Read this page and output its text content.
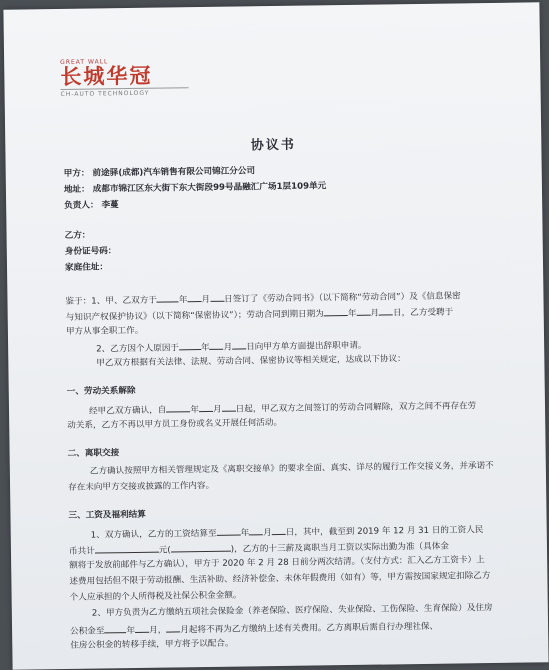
GREAT WALL
长城华冠
CH-AUTO TECHNOLOGY
协议书
甲方： 前途驿(成都)汽车销售有限公司锦江分公司
地址： 成都市锦江区东大街下东大街段99号晶融汇广场1层109单元
负责人： 李蔓
乙方：
身份证号码：
家庭住址：
鉴于：1、甲、乙双方于	年 月 日签订了《劳动合同书》（以下简称“劳动合同”）及《信息保密
与知识产权保护协议》（以下简称“保密协议”）；劳动合同到期日期为	年 月 日，乙方受聘于
甲方从事全职工作。
2、乙方因个人原因于	年 月 日向甲方单方面提出辞职申请。
甲乙双方根据有关法律、法规、劳动合同、保密协议等相关规定，达成以下协议：
一、劳动关系解除
经甲乙双方确认，自	年 月 日起，甲乙双方之间签订的劳动合同解除，双方之间不再存在劳
动关系，乙方不再以甲方员工身份或名义开展任何活动。
二、离职交接
乙方确认按照甲方相关管理规定及《离职交接单》的要求全面、真实、详尽的履行工作交接义务，并承诺不
存在未向甲方交接或披露的工作内容。
三、工资及福利结算
1、双方确认，乙方的工资结算至	年 月 日，其中，截至到 2019 年 12 月 31 日的工资人民
币共计	元(	)，乙方的十三薪及离职当月工资以实际出勤为准（具体金
额将于发放前邮件与乙方确认），甲方于 2020 年 2 月 28 日前分两次结清。（支付方式：汇入乙方工资卡）上
述费用包括但不限于劳动报酬、生活补助、经济补偿金、未休年假费用（如有）等，甲方需按国家规定扣除乙方
个人应承担的个人所得税及社保公积金金额。
2、甲方负责为乙方缴纳五项社会保险金（养老保险、医疗保险、失业保险、工伤保险、生育保险）及住房
公积金至	年 月， 月起将不再为乙方缴纳上述有关费用。乙方离职后需自行办理社保、
住房公积金的转移手续，甲方将予以配合。
